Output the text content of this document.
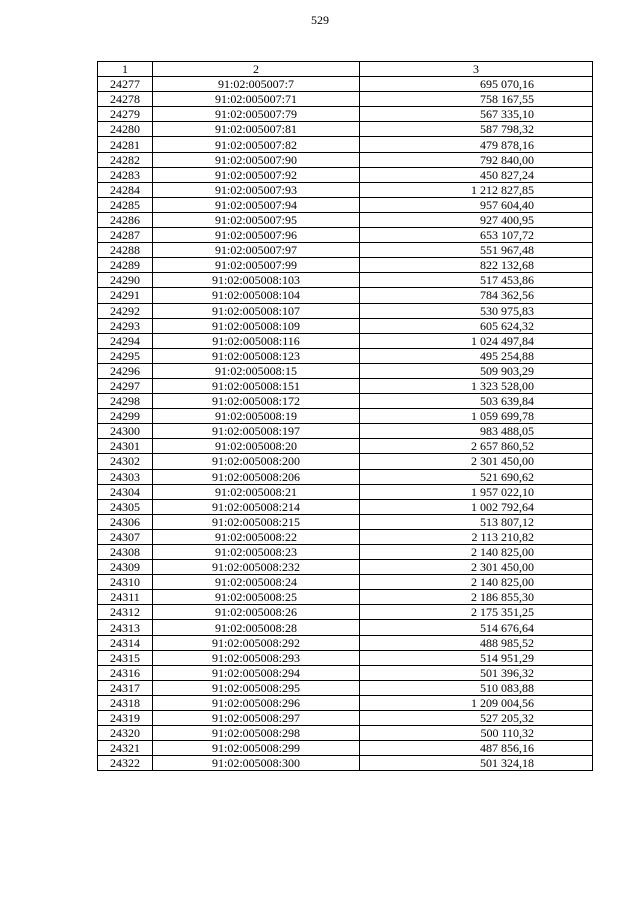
529
1	2	3
24277	91:02:005007:7	695 070,16
24278	91:02:005007:71	758 167,55
24279	91:02:005007:79	567 335,10
24280	91:02:005007:81	587 798,32
24281	91:02:005007:82	479 878,16
24282	91:02:005007:90	792 840,00
24283	91:02:005007:92	450 827,24
24284	91:02:005007:93	1 212 827,85
24285	91:02:005007:94	957 604,40
24286	91:02:005007:95	927 400,95
24287	91:02:005007:96	653 107,72
24288	91:02:005007:97	551 967,48
24289	91:02:005007:99	822 132,68
24290	91:02:005008:103	517 453,86
24291	91:02:005008:104	784 362,56
24292	91:02:005008:107	530 975,83
24293	91:02:005008:109	605 624,32
24294	91:02:005008:116	1 024 497,84
24295	91:02:005008:123	495 254,88
24296	91:02:005008:15	509 903,29
24297	91:02:005008:151	1 323 528,00
24298	91:02:005008:172	503 639,84
24299	91:02:005008:19	1 059 699,78
24300	91:02:005008:197	983 488,05
24301	91:02:005008:20	2 657 860,52
24302	91:02:005008:200	2 301 450,00
24303	91:02:005008:206	521 690,62
24304	91:02:005008:21	1 957 022,10
24305	91:02:005008:214	1 002 792,64
24306	91:02:005008:215	513 807,12
24307	91:02:005008:22	2 113 210,82
24308	91:02:005008:23	2 140 825,00
24309	91:02:005008:232	2 301 450,00
24310	91:02:005008:24	2 140 825,00
24311	91:02:005008:25	2 186 855,30
24312	91:02:005008:26	2 175 351,25
24313	91:02:005008:28	514 676,64
24314	91:02:005008:292	488 985,52
24315	91:02:005008:293	514 951,29
24316	91:02:005008:294	501 396,32
24317	91:02:005008:295	510 083,88
24318	91:02:005008:296	1 209 004,56
24319	91:02:005008:297	527 205,32
24320	91:02:005008:298	500 110,32
24321	91:02:005008:299	487 856,16
24322	91:02:005008:300	501 324,18
